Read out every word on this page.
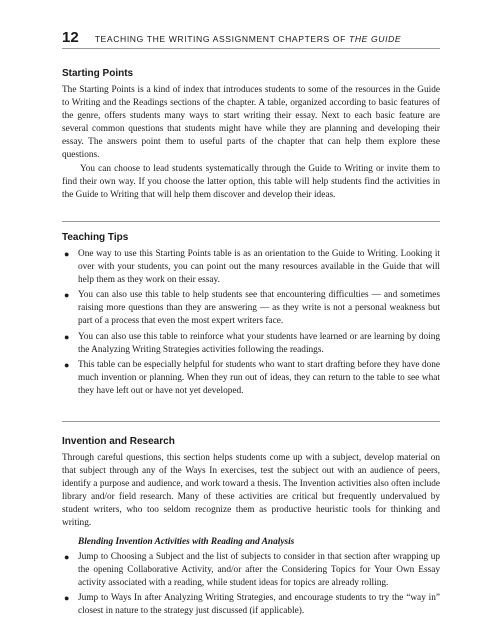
12 TEACHING THE WRITING ASSIGNMENT CHAPTERS OF THE GUIDE
Starting Points

The Starting Points is a kind of index that introduces students to some of the resources in the Guide to Writing and the Readings sections of the chapter. A table, organized according to basic features of the genre, offers students many ways to start writing their essay. Next to each basic feature are several common questions that students might have while they are planning and developing their essay. The answers point them to useful parts of the chapter that can help them explore these questions.

You can choose to lead students systematically through the Guide to Writing or invite them to find their own way. If you choose the latter option, this table will help students find the activities in the Guide to Writing that will help them discover and develop their ideas.

Teaching Tips
● One way to use this Starting Points table is as an orientation to the Guide to Writing. Looking it over with your students, you can point out the many resources available in the Guide that will help them as they work on their essay.
● You can also use this table to help students see that encountering difficulties — and sometimes raising more questions than they are answering — as they write is not a personal weakness but part of a process that even the most expert writers face.
● You can also use this table to reinforce what your students have learned or are learning by doing the Analyzing Writing Strategies activities following the readings.
● This table can be especially helpful for students who want to start drafting before they have done much invention or planning. When they run out of ideas, they can return to the table to see what they have left out or have not yet developed.
Invention and Research

Through careful questions, this section helps students come up with a subject, develop material on that subject through any of the Ways In exercises, test the subject out with an audience of peers, identify a purpose and audience, and work toward a thesis. The Invention activities also often include library and/or field research. Many of these activities are critical but frequently undervalued by student writers, who too seldom recognize them as productive heuristic tools for thinking and writing.

Blending Invention Activities with Reading and Analysis
● Jump to Choosing a Subject and the list of subjects to consider in that section after wrapping up the opening Collaborative Activity, and/or after the Considering Topics for Your Own Essay activity associated with a reading, while student ideas for topics are already rolling.
● Jump to Ways In after Analyzing Writing Strategies, and encourage students to try the “way in” closest in nature to the strategy just discussed (if applicable).
